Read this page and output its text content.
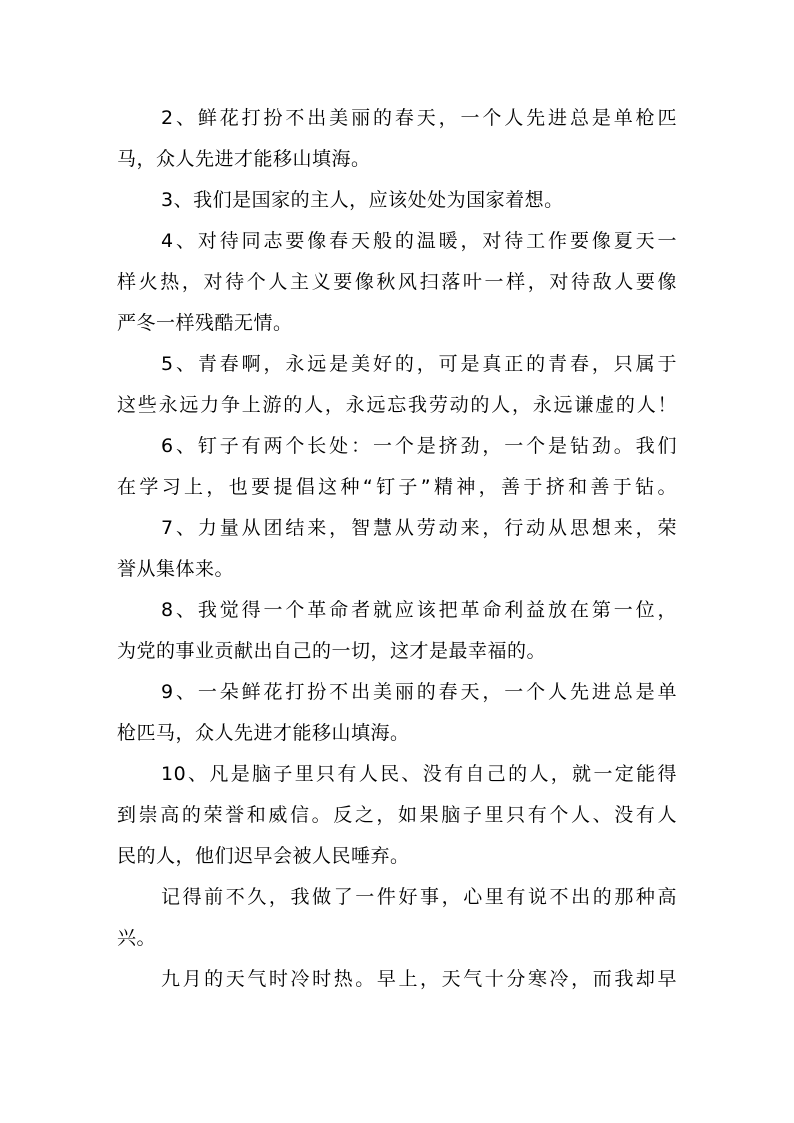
2、鲜花打扮不出美丽的春天，一个人先进总是单枪匹
马，众人先进才能移山填海。
3、我们是国家的主人，应该处处为国家着想。
4、对待同志要像春天般的温暖，对待工作要像夏天一
样火热，对待个人主义要像秋风扫落叶一样，对待敌人要像
严冬一样残酷无情。
5、青春啊，永远是美好的，可是真正的青春，只属于
这些永远力争上游的人，永远忘我劳动的人，永远谦虚的人！
6、钉子有两个长处：一个是挤劲，一个是钻劲。我们
在学习上，也要提倡这种“钉子”精神，善于挤和善于钻。
7、力量从团结来，智慧从劳动来，行动从思想来，荣
誉从集体来。
8、我觉得一个革命者就应该把革命利益放在第一位，
为党的事业贡献出自己的一切，这才是最幸福的。
9、一朵鲜花打扮不出美丽的春天，一个人先进总是单
枪匹马，众人先进才能移山填海。
10、凡是脑子里只有人民、没有自己的人，就一定能得
到崇高的荣誉和威信。反之，如果脑子里只有个人、没有人
民的人，他们迟早会被人民唾弃。
记得前不久，我做了一件好事，心里有说不出的那种高
兴。
九月的天气时冷时热。早上，天气十分寒冷，而我却早
